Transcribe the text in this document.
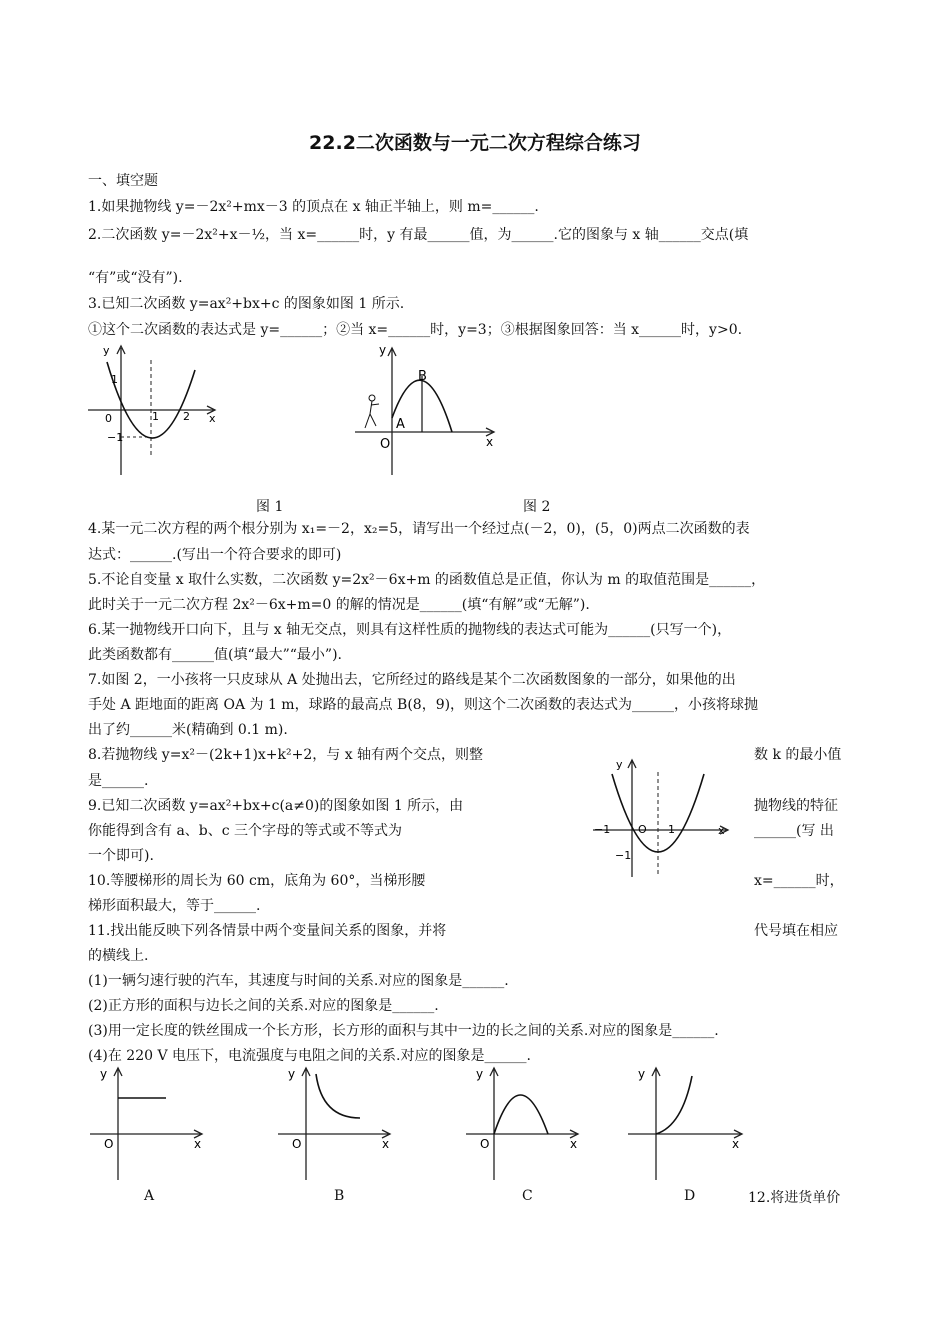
22.2二次函数与一元二次方程综合练习
一、填空题
1.如果抛物线 y=－2x²+mx－3 的顶点在 x 轴正半轴上，则 m=______.
2.二次函数 y=－2x²+x－½，当 x=______时，y 有最______值，为______.它的图象与 x 轴______交点(填
“有”或“没有”).
3.已知二次函数 y=ax²+bx+c 的图象如图 1 所示.
①这个二次函数的表达式是 y=______；②当 x=______时，y=3；③根据图象回答：当 x______时，y>0.
y
x
0	1 2
1
−1
y
x
O
A
B
图 1	图 2
4.某一元二次方程的两个根分别为 x₁=－2，x₂=5，请写出一个经过点(－2，0)，(5，0)两点二次函数的表
达式：______.(写出一个符合要求的即可)
5.不论自变量 x 取什么实数，二次函数 y=2x²－6x+m 的函数值总是正值，你认为 m 的取值范围是______，
此时关于一元二次方程 2x²－6x+m=0 的解的情况是______(填“有解”或“无解”).
6.某一抛物线开口向下，且与 x 轴无交点，则具有这样性质的抛物线的表达式可能为______(只写一个)，
此类函数都有______值(填“最大”“最小”).
7.如图 2，一小孩将一只皮球从 A 处抛出去，它所经过的路线是某个二次函数图象的一部分，如果他的出
手处 A 距地面的距离 OA 为 1 m，球路的最高点 B(8，9)，则这个二次函数的表达式为______，小孩将球抛
出了约______米(精确到 0.1 m).
8.若抛物线 y=x²－(2k+1)x+k²+2，与 x 轴有两个交点，则整
是______.
9.已知二次函数 y=ax²+bx+c(a≠0)的图象如图 1 所示，由
你能得到含有 a、b、c 三个字母的等式或不等式为
一个即可).
10.等腰梯形的周长为 60 cm，底角为 60°，当梯形腰
梯形面积最大，等于______.
11.找出能反映下列各情景中两个变量间关系的图象，并将
的横线上.
(1)一辆匀速行驶的汽车，其速度与时间的关系.对应的图象是______.
(2)正方形的面积与边长之间的关系.对应的图象是______.
(3)用一定长度的铁丝围成一个长方形，长方形的面积与其中一边的长之间的关系.对应的图象是______.
(4)在 220 V 电压下，电流强度与电阻之间的关系.对应的图象是______.
数 k 的最小值
抛物线的特征
______(写 出
x=______时，
代号填在相应
y
x
O
−1	1
−1
y
x
O
y
x
O
y
x
O
y
x
A	B	C	D	12.将进货单价
